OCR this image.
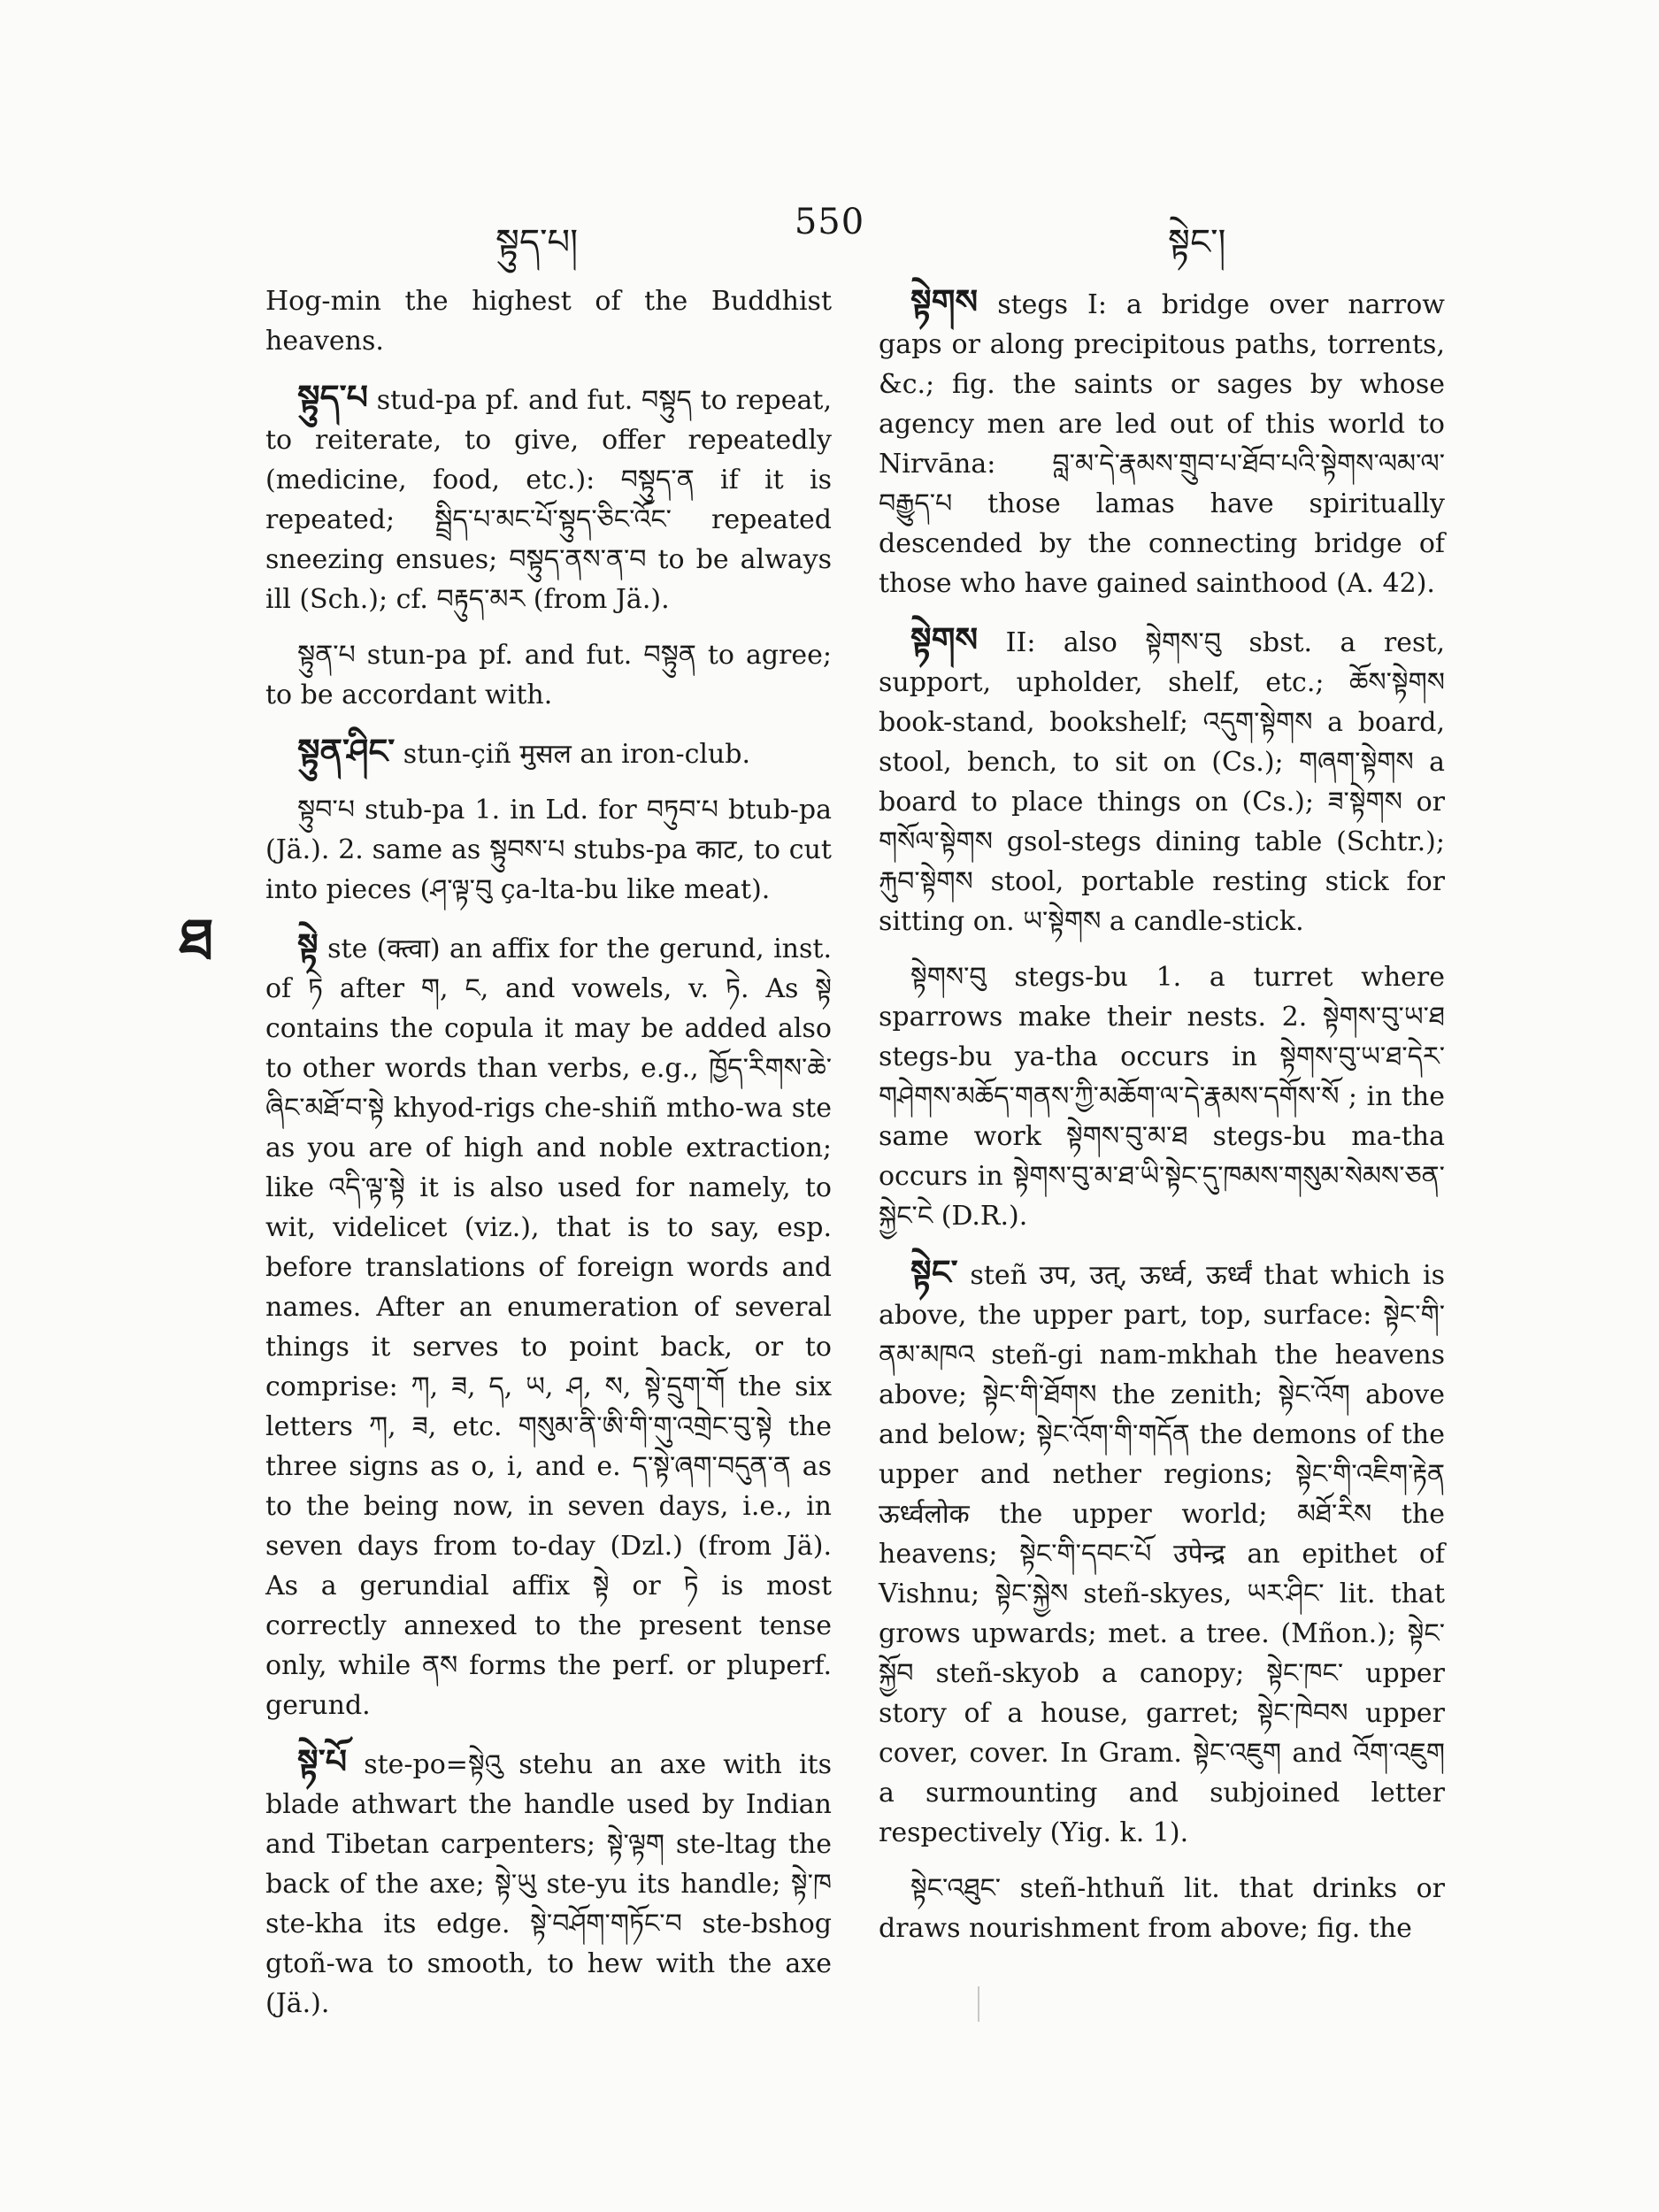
སྟུད་པ།	550	སྟེང་།
ཐ

Hog-min the highest of the Buddhist heavens.

སྟུད་པ stud-pa pf. and fut. བསྟུད to repeat, to reiterate, to give, offer repeatedly (medicine, food, etc.): བསྟུད་ན if it is repeated; སྦྲིད་པ་མང་པོ་སྟུད་ཅིང་འོང་ repeated sneezing ensues; བསྟུད་ནས་ན་བ to be always ill (Sch.); cf. བརྟུད་མར (from Jä.).

སྟུན་པ stun-pa pf. and fut. བསྟུན to agree; to be accordant with.

སྟུན་ཤིང་ stun-çiñ मुसल an iron-club.

སྟུབ་པ stub-pa 1. in Ld. for བཏུབ་པ btub-pa (Jä.). 2. same as སྟུབས་པ stubs-pa काट, to cut into pieces (ཤ་ལྟ་བུ ça-lta-bu like meat).

སྟེ ste (क्त्वा) an affix for the gerund, inst. of ཏེ after ག, ང, and vowels, v. ཏེ. As སྟེ contains the copula it may be added also to other words than verbs, e.g., ཁྱོད་རིགས་ཆེ་ཞིང་མཐོ་བ་སྟེ khyod-rigs che-shiñ mtho-wa ste as you are of high and noble extraction; like འདི་ལྟ་སྟེ it is also used for namely, to wit, videlicet (viz.), that is to say, esp. before translations of foreign words and names. After an enumeration of several things it serves to point back, or to comprise: ཀ, ཟ, ད, ཡ, ཤ, ས, སྟེ་དྲུག་གོ the six letters ཀ, ཟ, etc. གསུམ་ནི་ཨི་གི་གུ་འགྲེང་བུ་སྟེ the three signs as o, i, and e. ད་སྟེ་ཞག་བདུན་ན as to the being now, in seven days, i.e., in seven days from to-day (Dzl.) (from Jä). As a gerundial affix སྟེ or ཏེ is most correctly annexed to the present tense only, while ནས forms the perf. or pluperf. gerund.

སྟེ་པོ ste-po=སྟེའུ stehu an axe with its blade athwart the handle used by Indian and Tibetan carpenters; སྟེ་ལྟག ste-ltag the back of the axe; སྟེ་ཡུ ste-yu its handle; སྟེ་ཁ ste-kha its edge. སྟེ་བཤོག་གཏོང་བ ste-bshog gtoñ-wa to smooth, to hew with the axe (Jä.).

སྟེགས stegs I: a bridge over narrow gaps or along precipitous paths, torrents, &c.; fig. the saints or sages by whose agency men are led out of this world to Nirvāna: བླ་མ་དེ་རྣམས་གྲུབ་པ་ཐོབ་པའི་སྟེགས་ལམ་ལ་བརྒྱུད་པ those lamas have spiritually descended by the connecting bridge of those who have gained sainthood (A. 42).

སྟེགས II: also སྟེགས་བུ sbst. a rest, support, upholder, shelf, etc.; ཆོས་སྟེགས book-stand, bookshelf; འདུག་སྟེགས a board, stool, bench, to sit on (Cs.); གཞག་སྟེགས a board to place things on (Cs.); ཟ་སྟེགས or གསོལ་སྟེགས gsol-stegs dining table (Schtr.); རྐུབ་སྟེགས stool, portable resting stick for sitting on. ཡ་སྟེགས a candle-stick.

སྟེགས་བུ stegs-bu 1. a turret where sparrows make their nests. 2. སྟེགས་བུ་ཡ་ཐ stegs-bu ya-tha occurs in སྟེགས་བུ་ཡ་ཐ་དེར་གཤེགས་མཆོད་གནས་ཀྱི་མཆོག་ལ་དེ་རྣམས་དགོས་སོ ; in the same work སྟེགས་བུ་མ་ཐ stegs-bu ma-tha occurs in སྟེགས་བུ་མ་ཐ་ཡི་སྟེང་དུ་ཁམས་གསུམ་སེམས་ཅན་སྐྱེང་ངེ (D.R.).

སྟེང་ steñ उप, उत्, ऊर्ध्व, ऊर्ध्वं that which is above, the upper part, top, surface: སྟེང་གི་ནམ་མཁའ steñ-gi nam-mkhah the heavens above; སྟེང་གི་ཐོགས the zenith; སྟེང་འོག above and below; སྟེང་འོག་གི་གདོན the demons of the upper and nether regions; སྟེང་གི་འཇིག་རྟེན ऊर्ध्वलोक the upper world; མཐོ་རིས the heavens; སྟེང་གི་དབང་པོ उपेन्द्र an epithet of Vishnu; སྟེང་སྐྱེས steñ-skyes, ཡར་ཤིང་ lit. that grows upwards; met. a tree. (Mñon.); སྟེང་སྐྱོབ steñ-skyob a canopy; སྟེང་ཁང་ upper story of a house, garret; སྟེང་ཁེབས upper cover, cover. In Gram. སྟེང་འཇུག and འོག་འཇུག a surmounting and subjoined letter respectively (Yig. k. 1).

སྟེང་འཐུང་ steñ-hthuñ lit. that drinks or draws nourishment from above; fig. the
